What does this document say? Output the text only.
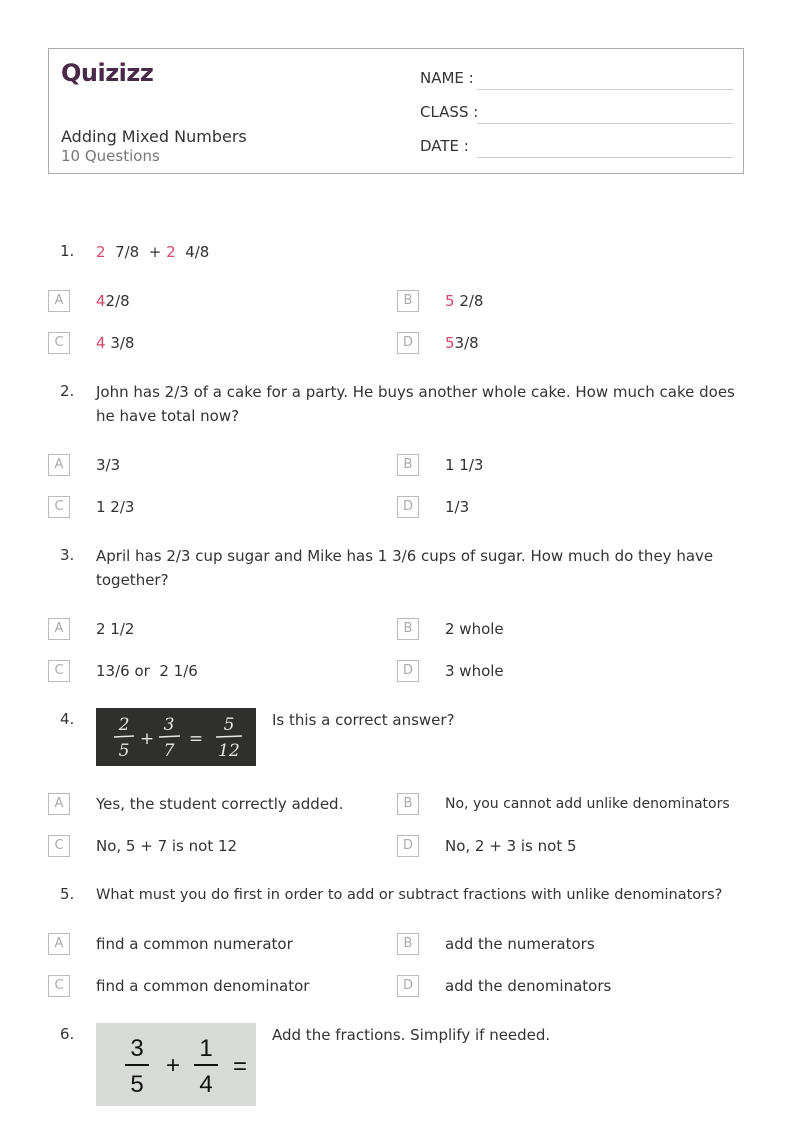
Quizizz
Adding Mixed Numbers
10 Questions
NAME :
CLASS :
DATE :
1. 2  7/8  + 2  4/8
A	42/8	B	5 2/8
C	4 3/8	D	53/8
2. John has 2/3 of a cake for a party. He buys another whole cake. How much cake does he have total now?
A	3/3	B	1 1/3
C	1 2/3	D	1/3
3. April has 2/3 cup sugar and Mike has 1 3/6 cups of sugar. How much do they have together?
A	2 1/2	B	2 whole
C	13/6 or  2 1/6	D	3 whole
4.	2
5
+
3
7
=
5
12
Is this a correct answer?
A	Yes, the student correctly added.	B	No, you cannot add unlike denominators
C	No, 5 + 7 is not 12	D	No, 2 + 3 is not 5
5. What must you do first in order to add or subtract fractions with unlike denominators?
A	find a common numerator	B	add the numerators
C	find a common denominator	D	add the denominators
6.
3
5
+
1
4
=
Add the fractions. Simplify if needed.
